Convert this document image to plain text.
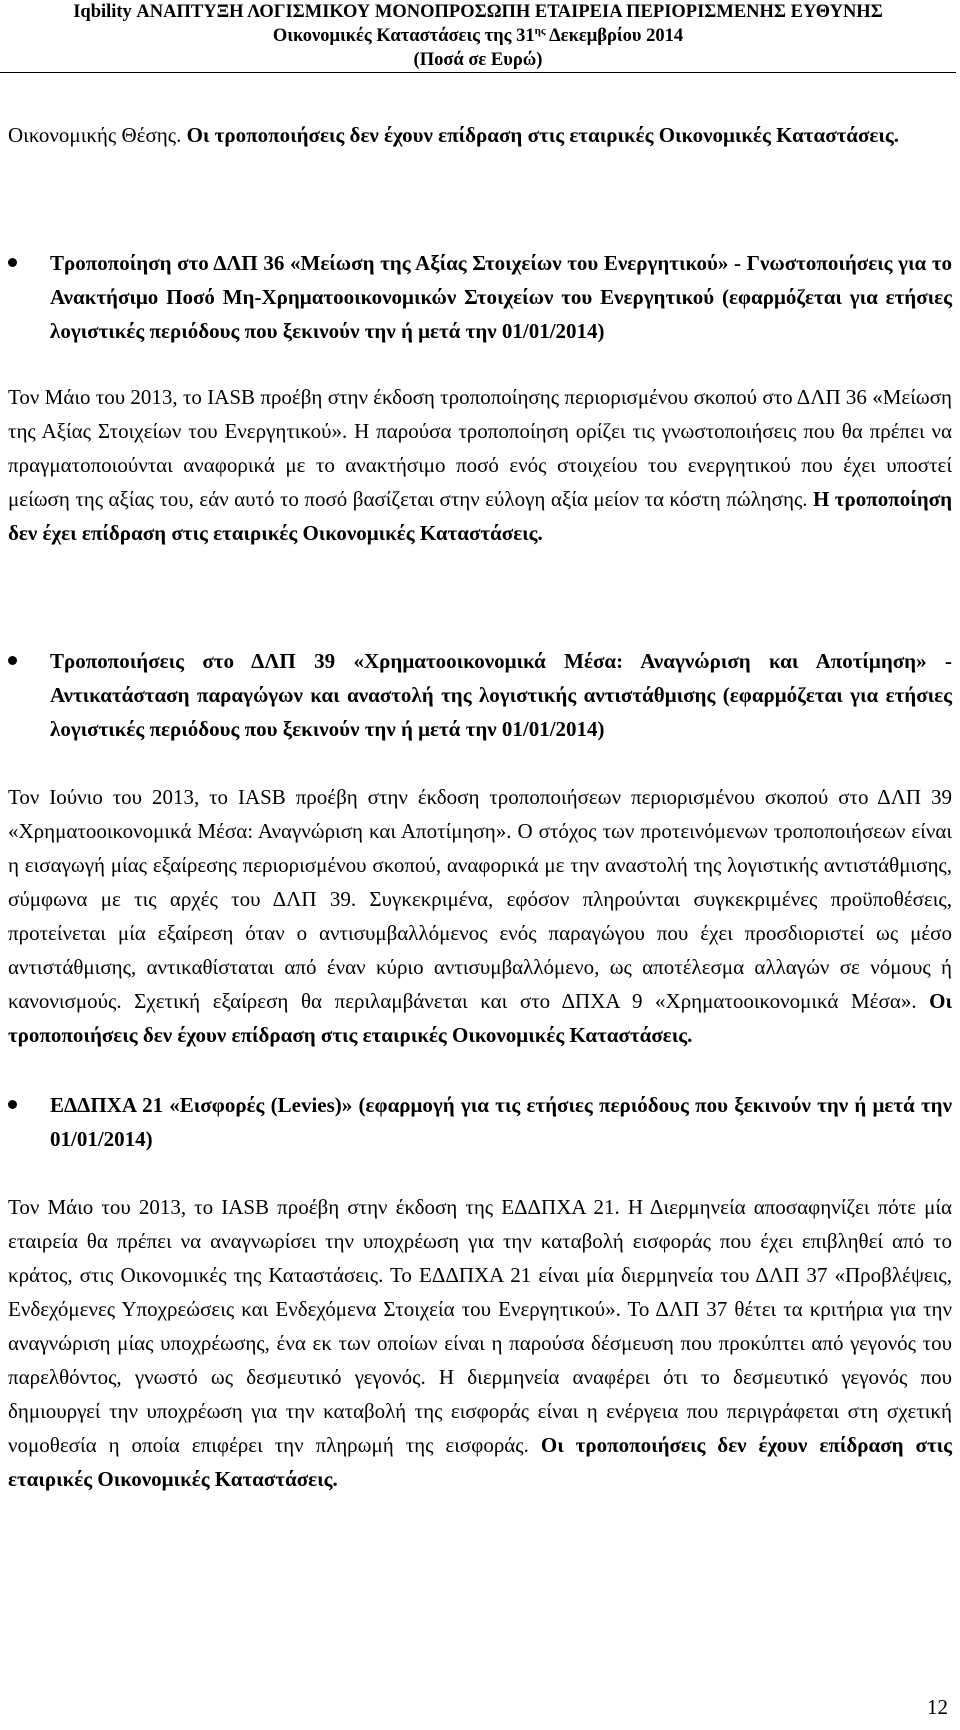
Iqbility ΑΝΑΠΤΥΞΗ ΛΟΓΙΣΜΙΚΟΥ ΜΟΝΟΠΡΟΣΩΠΗ ΕΤΑΙΡΕΙΑ ΠΕΡΙΟΡΙΣΜΕΝΗΣ ΕΥΘΥΝΗΣ
Οικονομικές Καταστάσεις της $31^{\eta\varsigma}$ Δεκεμβρίου 2014
(Ποσά σε Ευρώ)
Οικονομικής Θέσης. Οι τροποποιήσεις δεν έχουν επίδραση στις εταιρικές Οικονομικές Καταστάσεις.
Τροποποίηση στο ΔΛΠ 36 «Μείωση της Αξίας Στοιχείων του Ενεργητικού» - Γνωστοποιήσεις για το Ανακτήσιμο Ποσό Μη-Χρηματοοικονομικών Στοιχείων του Ενεργητικού (εφαρμόζεται για ετήσιες λογιστικές περιόδους που ξεκινούν την ή μετά την 01/01/2014)
Τον Μάιο του 2013, το IASB προέβη στην έκδοση τροποποίησης περιορισμένου σκοπού στο ΔΛΠ 36 «Μείωση της Αξίας Στοιχείων του Ενεργητικού». Η παρούσα τροποποίηση ορίζει τις γνωστοποιήσεις που θα πρέπει να πραγματοποιούνται αναφορικά με το ανακτήσιμο ποσό ενός στοιχείου του ενεργητικού που έχει υποστεί μείωση της αξίας του, εάν αυτό το ποσό βασίζεται στην εύλογη αξία μείον τα κόστη πώλησης. Η τροποποίηση δεν έχει επίδραση στις εταιρικές Οικονομικές Καταστάσεις.
Τροποποιήσεις στο ΔΛΠ 39 «Χρηματοοικονομικά Μέσα: Αναγνώριση και Αποτίμηση» - Αντικατάσταση παραγώγων και αναστολή της λογιστικής αντιστάθμισης (εφαρμόζεται για ετήσιες λογιστικές περιόδους που ξεκινούν την ή μετά την 01/01/2014)
Τον Ιούνιο του 2013, το IASB προέβη στην έκδοση τροποποιήσεων περιορισμένου σκοπού στο ΔΛΠ 39 «Χρηματοοικονομικά Μέσα: Αναγνώριση και Αποτίμηση». Ο στόχος των προτεινόμενων τροποποιήσεων είναι η εισαγωγή μίας εξαίρεσης περιορισμένου σκοπού, αναφορικά με την αναστολή της λογιστικής αντιστάθμισης, σύμφωνα με τις αρχές του ΔΛΠ 39. Συγκεκριμένα, εφόσον πληρούνται συγκεκριμένες προϋποθέσεις, προτείνεται μία εξαίρεση όταν ο αντισυμβαλλόμενος ενός παραγώγου που έχει προσδιοριστεί ως μέσο αντιστάθμισης, αντικαθίσταται από έναν κύριο αντισυμβαλλόμενο, ως αποτέλεσμα αλλαγών σε νόμους ή κανονισμούς. Σχετική εξαίρεση θα περιλαμβάνεται και στο ΔΠΧΑ 9 «Χρηματοοικονομικά Μέσα». Οι τροποποιήσεις δεν έχουν επίδραση στις εταιρικές Οικονομικές Καταστάσεις.
ΕΔΔΠΧΑ 21 «Εισφορές (Levies)» (εφαρμογή για τις ετήσιες περιόδους που ξεκινούν την ή μετά την 01/01/2014)
Τον Μάιο του 2013, το IASB προέβη στην έκδοση της ΕΔΔΠΧΑ 21. Η Διερμηνεία αποσαφηνίζει πότε μία εταιρεία θα πρέπει να αναγνωρίσει την υποχρέωση για την καταβολή εισφοράς που έχει επιβληθεί από το κράτος, στις Οικονομικές της Καταστάσεις. Το ΕΔΔΠΧΑ 21 είναι μία διερμηνεία του ΔΛΠ 37 «Προβλέψεις, Ενδεχόμενες Υποχρεώσεις και Ενδεχόμενα Στοιχεία του Ενεργητικού». Το ΔΛΠ 37 θέτει τα κριτήρια για την αναγνώριση μίας υποχρέωσης, ένα εκ των οποίων είναι η παρούσα δέσμευση που προκύπτει από γεγονός του παρελθόντος, γνωστό ως δεσμευτικό γεγονός. Η διερμηνεία αναφέρει ότι το δεσμευτικό γεγονός που δημιουργεί την υποχρέωση για την καταβολή της εισφοράς είναι η ενέργεια που περιγράφεται στη σχετική νομοθεσία η οποία επιφέρει την πληρωμή της εισφοράς. Οι τροποποιήσεις δεν έχουν επίδραση στις εταιρικές Οικονομικές Καταστάσεις.
12
